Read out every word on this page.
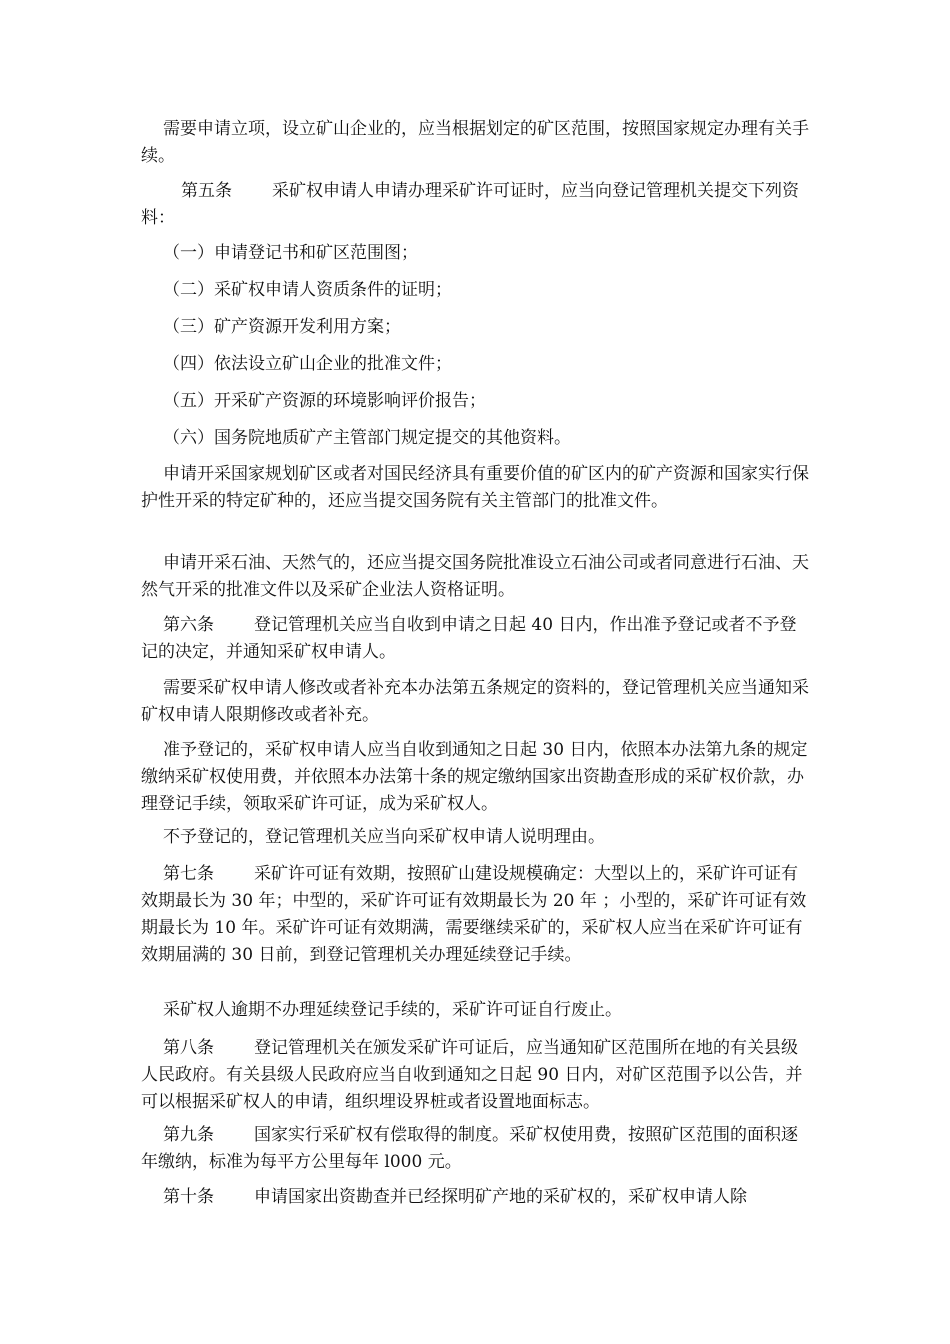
需要申请立项，设立矿山企业的，应当根据划定的矿区范围，按照国家规定办理有关手续。

第五条 采矿权申请人申请办理采矿许可证时，应当向登记管理机关提交下列资料：

（一）申请登记书和矿区范围图；

（二）采矿权申请人资质条件的证明；

（三）矿产资源开发利用方案；

（四）依法设立矿山企业的批准文件；

（五）开采矿产资源的环境影响评价报告；

（六）国务院地质矿产主管部门规定提交的其他资料。

申请开采国家规划矿区或者对国民经济具有重要价值的矿区内的矿产资源和国家实行保护性开采的特定矿种的，还应当提交国务院有关主管部门的批准文件。

申请开采石油、天然气的，还应当提交国务院批准设立石油公司或者同意进行石油、天然气开采的批准文件以及采矿企业法人资格证明。

第六条 登记管理机关应当自收到申请之日起 40 日内，作出准予登记或者不予登记的决定，并通知采矿权申请人。

需要采矿权申请人修改或者补充本办法第五条规定的资料的，登记管理机关应当通知采矿权申请人限期修改或者补充。

准予登记的，采矿权申请人应当自收到通知之日起 30 日内，依照本办法第九条的规定缴纳采矿权使用费，并依照本办法第十条的规定缴纳国家出资勘查形成的采矿权价款，办理登记手续，领取采矿许可证，成为采矿权人。

不予登记的，登记管理机关应当向采矿权申请人说明理由。

第七条 采矿许可证有效期，按照矿山建设规模确定：大型以上的，采矿许可证有效期最长为 30 年；中型的，采矿许可证有效期最长为 20 年 ；小型的，采矿许可证有效期最长为 10 年。采矿许可证有效期满，需要继续采矿的，采矿权人应当在采矿许可证有效期届满的 30 日前，到登记管理机关办理延续登记手续。

采矿权人逾期不办理延续登记手续的，采矿许可证自行废止。

第八条 登记管理机关在颁发采矿许可证后，应当通知矿区范围所在地的有关县级人民政府。有关县级人民政府应当自收到通知之日起 90 日内，对矿区范围予以公告，并可以根据采矿权人的申请，组织埋设界桩或者设置地面标志。

第九条 国家实行采矿权有偿取得的制度。采矿权使用费，按照矿区范围的面积逐年缴纳，标准为每平方公里每年 l000 元。

第十条 申请国家出资勘查并已经探明矿产地的采矿权的，采矿权申请人除
